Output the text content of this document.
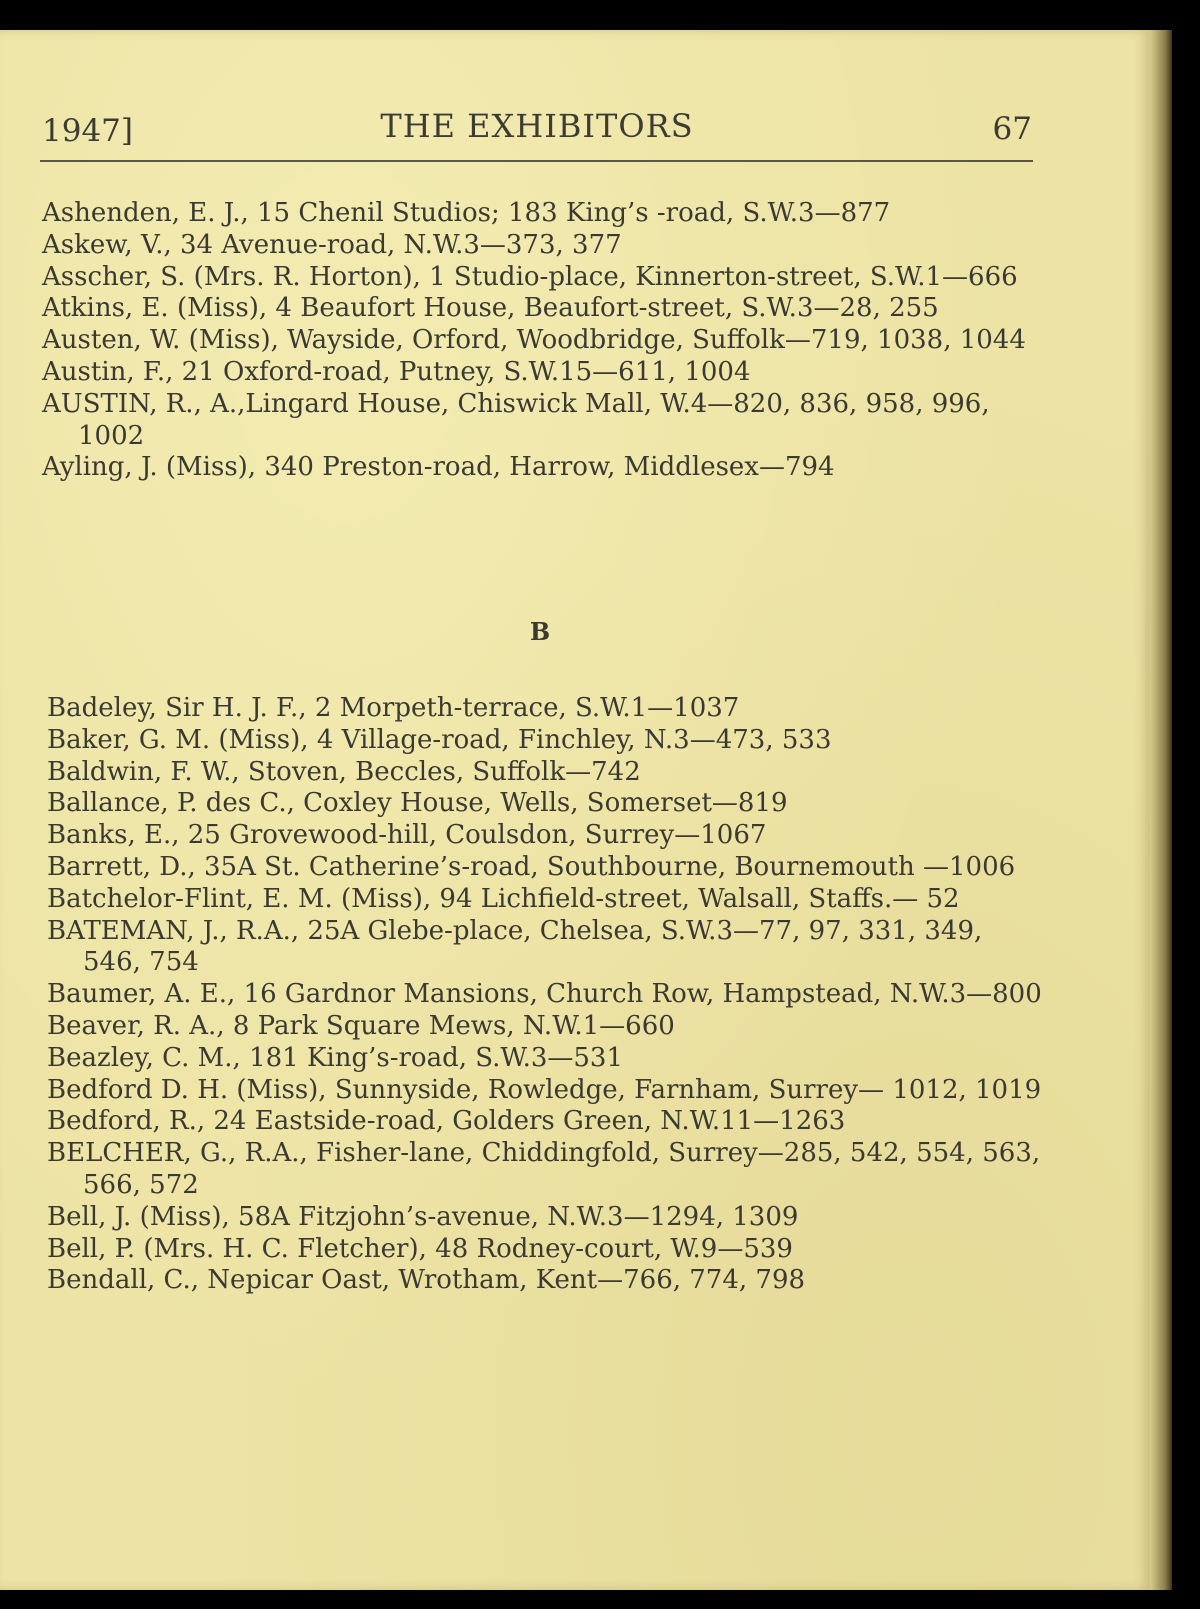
1947]	THE EXHIBITORS	67
Ashenden, E. J., 15 Chenil Studios; 183 King’s -road, S.W.3—877
Askew, V., 34 Avenue-road, N.W.3—373, 377
Asscher, S. (Mrs. R. Horton), 1 Studio-place, Kinnerton-street, S.W.1—666
Atkins, E. (Miss), 4 Beaufort House, Beaufort-street, S.W.3—28, 255
Austen, W. (Miss), Wayside, Orford, Woodbridge, Suffolk—719, 1038, 1044
Austin, F., 21 Oxford-road, Putney, S.W.15—611, 1004
AUSTIN, R., A.,Lingard House, Chiswick Mall, W.4—820, 836, 958, 996, 1002
Ayling, J. (Miss), 340 Preston-road, Harrow, Middlesex—794
B
Badeley, Sir H. J. F., 2 Morpeth-terrace, S.W.1—1037
Baker, G. M. (Miss), 4 Village-road, Finchley, N.3—473, 533
Baldwin, F. W., Stoven, Beccles, Suffolk—742
Ballance, P. des C., Coxley House, Wells, Somerset—819
Banks, E., 25 Grovewood-hill, Coulsdon, Surrey—1067
Barrett, D., 35A St. Catherine’s-road, Southbourne, Bournemouth —1006
Batchelor-Flint, E. M. (Miss), 94 Lichfield-street, Walsall, Staffs.— 52
BATEMAN, J., R.A., 25A Glebe-place, Chelsea, S.W.3—77, 97, 331, 349, 546, 754
Baumer, A. E., 16 Gardnor Mansions, Church Row, Hampstead, N.W.3—800
Beaver, R. A., 8 Park Square Mews, N.W.1—660
Beazley, C. M., 181 King’s-road, S.W.3—531
Bedford D. H. (Miss), Sunnyside, Rowledge, Farnham, Surrey— 1012, 1019
Bedford, R., 24 Eastside-road, Golders Green, N.W.11—1263
BELCHER, G., R.A., Fisher-lane, Chiddingfold, Surrey—285, 542, 554, 563, 566, 572
Bell, J. (Miss), 58A Fitzjohn’s-avenue, N.W.3—1294, 1309
Bell, P. (Mrs. H. C. Fletcher), 48 Rodney-court, W.9—539
Bendall, C., Nepicar Oast, Wrotham, Kent—766, 774, 798
